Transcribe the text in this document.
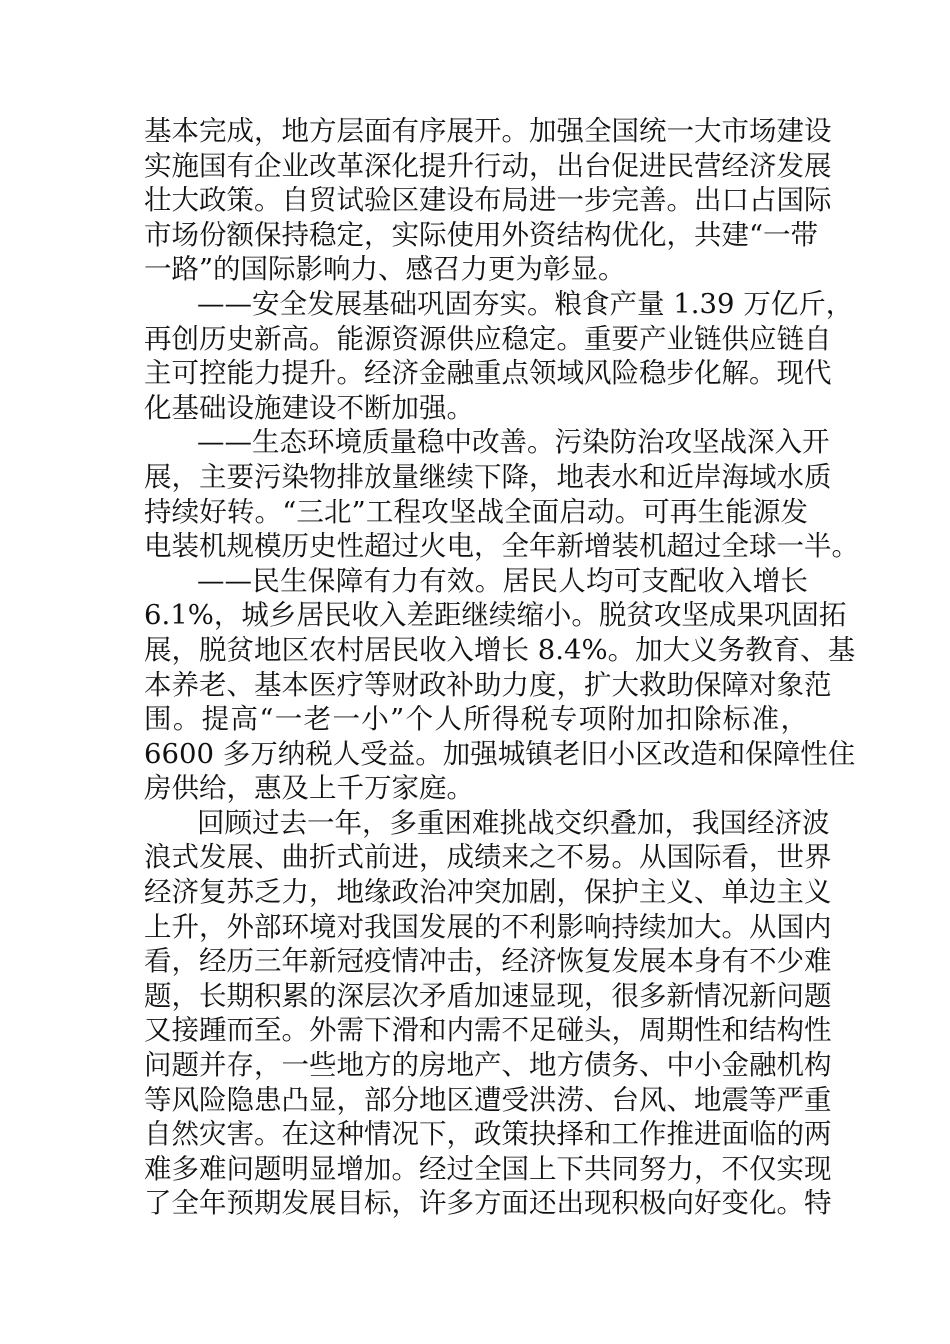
基本完成，地方层面有序展开。加强全国统一大市场建设
实施国有企业改革深化提升行动，出台促进民营经济发展
壮大政策。自贸试验区建设布局进一步完善。出口占国际
市场份额保持稳定，实际使用外资结构优化，共建“一带
一路”的国际影响力、感召力更为彰显。
——安全发展基础巩固夯实。粮食产量 1.39 万亿斤，
再创历史新高。能源资源供应稳定。重要产业链供应链自
主可控能力提升。经济金融重点领域风险稳步化解。现代
化基础设施建设不断加强。
——生态环境质量稳中改善。污染防治攻坚战深入开
展，主要污染物排放量继续下降，地表水和近岸海域水质
持续好转。“三北”工程攻坚战全面启动。可再生能源发
电装机规模历史性超过火电，全年新增装机超过全球一半。
——民生保障有力有效。居民人均可支配收入增长
6.1%，城乡居民收入差距继续缩小。脱贫攻坚成果巩固拓
展，脱贫地区农村居民收入增长 8.4%。加大义务教育、基
本养老、基本医疗等财政补助力度，扩大救助保障对象范
围。提高“一老一小”个人所得税专项附加扣除标准，
6600 多万纳税人受益。加强城镇老旧小区改造和保障性住
房供给，惠及上千万家庭。
回顾过去一年，多重困难挑战交织叠加，我国经济波
浪式发展、曲折式前进，成绩来之不易。从国际看，世界
经济复苏乏力，地缘政治冲突加剧，保护主义、单边主义
上升，外部环境对我国发展的不利影响持续加大。从国内
看，经历三年新冠疫情冲击，经济恢复发展本身有不少难
题，长期积累的深层次矛盾加速显现，很多新情况新问题
又接踵而至。外需下滑和内需不足碰头，周期性和结构性
问题并存，一些地方的房地产、地方债务、中小金融机构
等风险隐患凸显，部分地区遭受洪涝、台风、地震等严重
自然灾害。在这种情况下，政策抉择和工作推进面临的两
难多难问题明显增加。经过全国上下共同努力，不仅实现
了全年预期发展目标，许多方面还出现积极向好变化。特
